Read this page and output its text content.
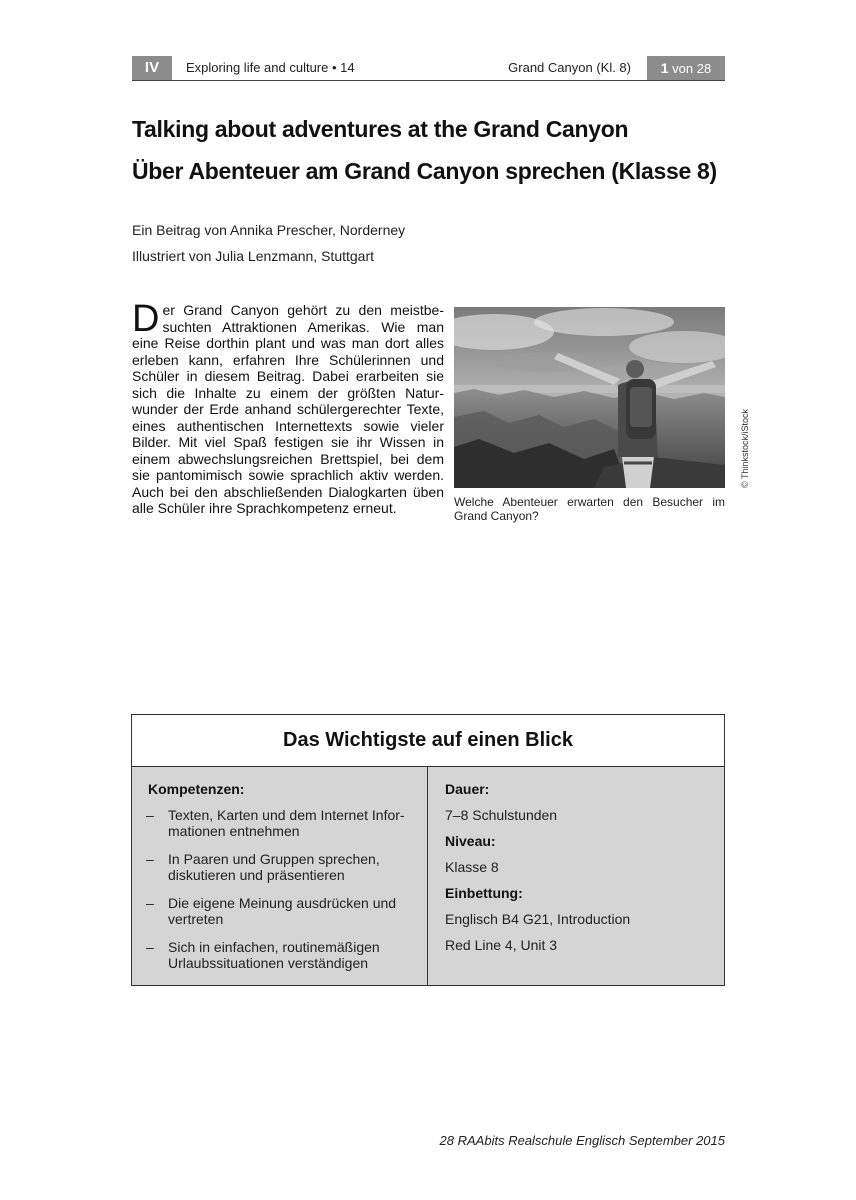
IV	Exploring life and culture • 14	Grand Canyon (Kl. 8)	1 von 28
Talking about adventures at the Grand Canyon
Über Abenteuer am Grand Canyon sprechen (Klasse 8)

Ein Beitrag von Annika Prescher, Norderney

Illustriert von Julia Lenzmann, Stuttgart

Der Grand Canyon gehört zu den meistbesuchten Attraktionen Amerikas. Wie man eine Reise dorthin plant und was man dort alles erleben kann, erfahren Ihre Schülerinnen und Schüler in diesem Beitrag. Dabei erarbeiten sie sich die Inhalte zu einem der größten Naturwunder der Erde anhand schülergerechter Texte, eines authentischen Internettexts sowie vieler Bilder. Mit viel Spaß festigen sie ihr Wissen in einem abwechslungsreichen Brettspiel, bei dem sie pantomimisch sowie sprachlich aktiv werden. Auch bei den abschließenden Dialogkarten üben alle Schüler ihre Sprachkompetenz erneut.	Welche Abenteuer erwarten den Besucher im Grand Canyon?

© Thinkstock/iStock
Das Wichtigste auf einen Blick
Kompetenzen:
– Texten, Karten und dem Internet Informationen entnehmen
– In Paaren und Gruppen sprechen, diskutieren und präsentieren
– Die eigene Meinung ausdrücken und vertreten
– Sich in einfachen, routinemäßigen Urlaubssituationen verständigen
Dauer:
7–8 Schulstunden
Niveau:
Klasse 8
Einbettung:
Englisch B4 G21, Introduction
Red Line 4, Unit 3
28 RAAbits Realschule Englisch September 2015
